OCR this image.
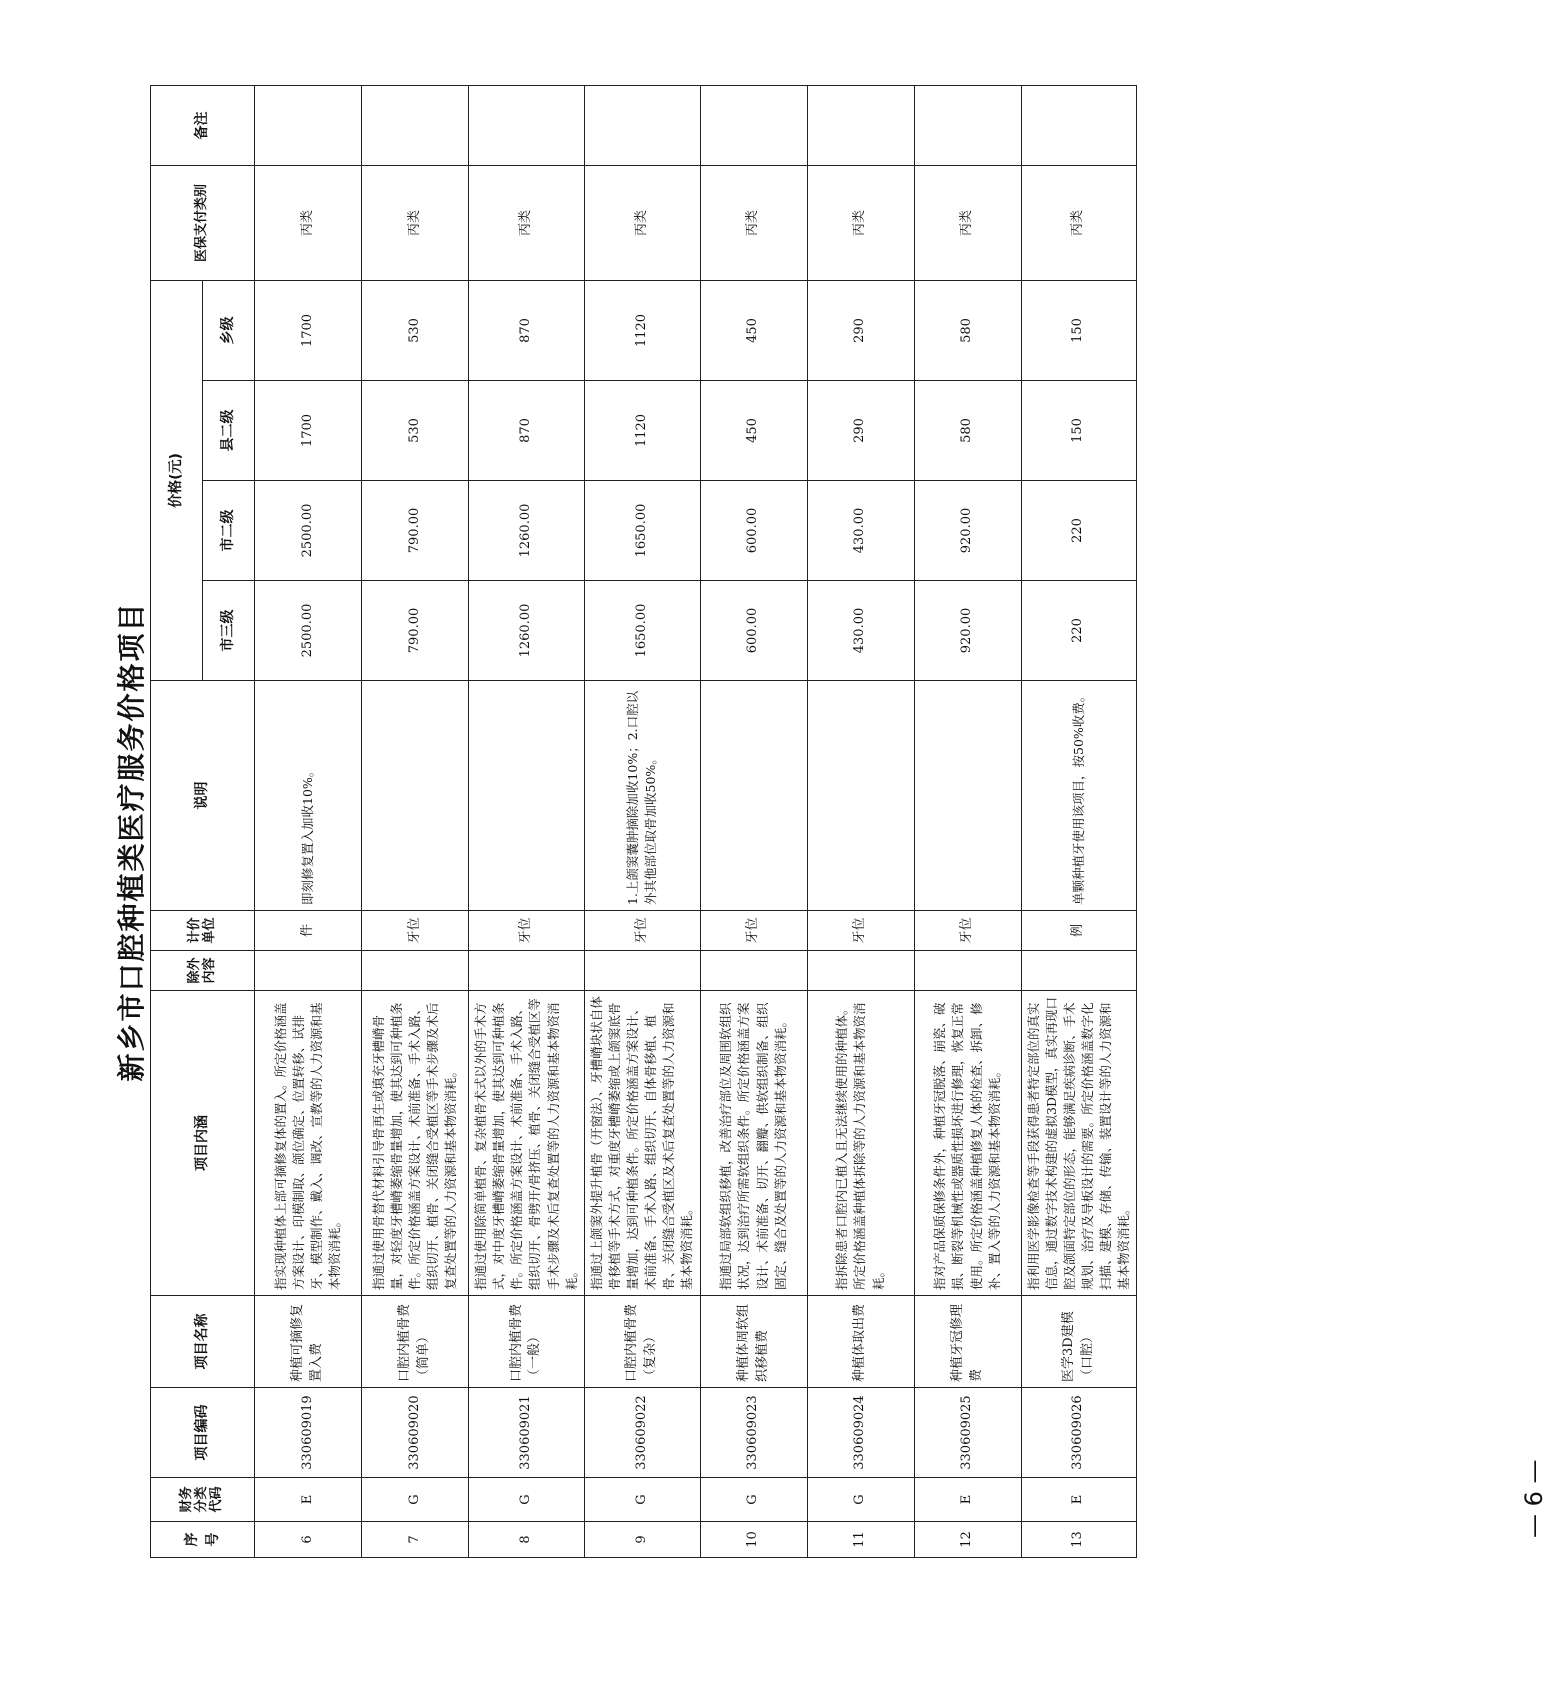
新乡市口腔种植类医疗服务价格项目
序号	财务分类代码	项目编码	项目名称	项目内涵	除外内容	计价单位	说明	价格(元)				医保支付类别	备注
								市三级	市二级	县二级	乡级		
6	E	330609019	种植可摘修复置入费	指实现种植体上部可摘修复体的置入。所定价格涵盖方案设计、印模制取、颌位确定、位置转移、试排牙、模型制作、戴入、调改、宣教等的人力资源和基本物资消耗。		件	即刻修复置入加收10%。	2500.00	2500.00	1700	1700	丙类	
7	G	330609020	口腔内植骨费（简单）	指通过使用骨替代材料引导骨再生或填充牙槽嵴骨量，对轻度牙槽嵴萎缩骨量增加，使其达到可种植条件。所定价格涵盖方案设计、术前准备、手术入路、组织切开、植骨、关闭缝合受植区等手术步骤及术后复查处置等的人力资源和基本物资消耗。		牙位		790.00	790.00	530	530	丙类	
8	G	330609021	口腔内植骨费（一般）	指通过使用除简单植骨、复杂植骨术式以外的手术方式，对中度牙槽嵴萎缩骨量增加，使其达到可种植条件。所定价格涵盖方案设计、术前准备、手术入路、组织切开、骨劈开/骨挤压、植骨、关闭缝合受植区等手术步骤及术后复查处置等的人力资源和基本物资消耗。		牙位		1260.00	1260.00	870	870	丙类	
9	G	330609022	口腔内植骨费（复杂）	指通过上颌窦外提升植骨（开窗法）、牙槽嵴块状自体骨移植等手术方式，对重度牙槽嵴萎缩或上颌窦底骨量增加，达到可种植条件。所定价格涵盖方案设计、术前准备、手术入路、组织切开、自体骨移植、植骨、关闭缝合受植区及术后复查处置等的人力资源和基本物资消耗。		牙位	1.上颌窦囊肿摘除加收10%；2.口腔以外其他部位取骨加收50%。	1650.00	1650.00	1120	1120	丙类	
10	G	330609023	种植体周软组织移植费	指通过局部软组织移植，改善治疗部位及周围软组织状况，达到治疗所需软组织条件。所定价格涵盖方案设计、术前准备、切开、翻瓣、供软组织制备、组织固定、缝合及处置等的人力资源和基本物资消耗。		牙位		600.00	600.00	450	450	丙类	
11	G	330609024	种植体取出费	指拆除患者口腔内已植入且无法继续使用的种植体。所定价格涵盖种植体拆除等的人力资源和基本物资消耗。		牙位		430.00	430.00	290	290	丙类	
12	E	330609025	种植牙冠修理费	指对产品保质保修条件外，种植牙冠脱落、崩瓷、破损、断裂等机械性或器质性损坏进行修理，恢复正常使用。所定价格涵盖种植修复人体的检查、拆卸、修补、置入等的人力资源和基本物资消耗。		牙位		920.00	920.00	580	580	丙类	
13	E	330609026	医学3D建模（口腔）	指利用医学影像检查等手段获得患者特定部位的真实信息，通过数字技术构建的虚拟3D模型，真实再现口腔及颌面特定部位的形态，能够满足疾病诊断、手术规划、治疗及导板设计的需要。所定价格涵盖数字化扫描、建模、存储、传输、装置设计等的人力资源和基本物资消耗。		例	单颗种植牙使用该项目，按50%收费。	220	220	150	150	丙类	
— 6 —
